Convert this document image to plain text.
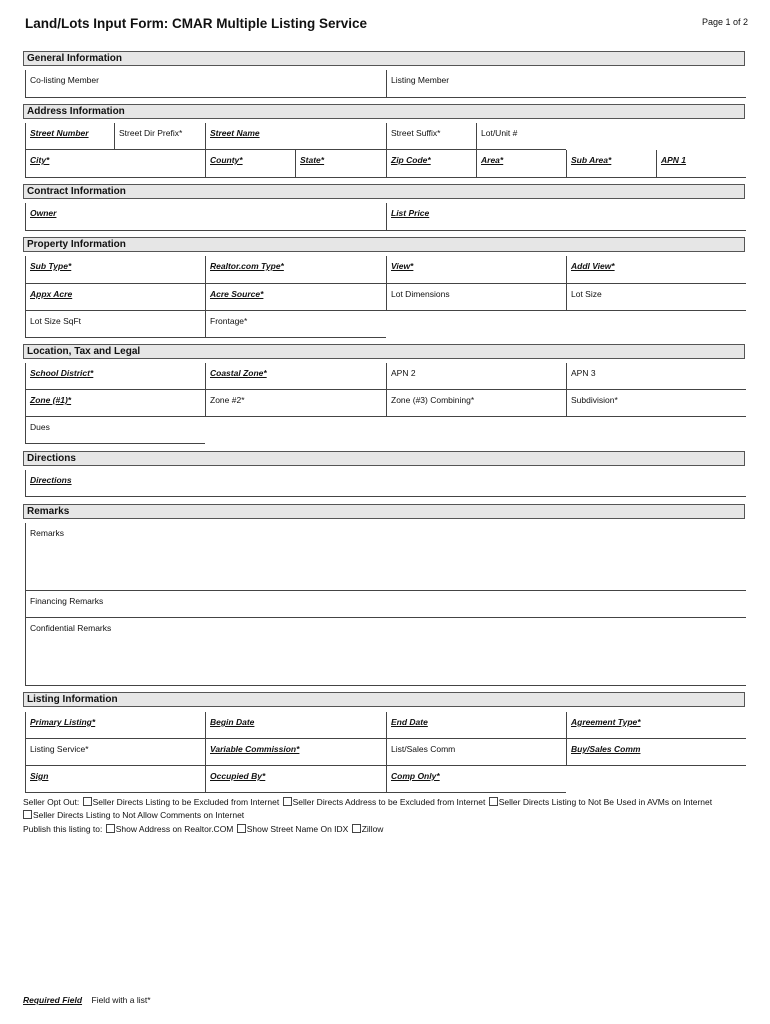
Land/Lots Input Form: CMAR Multiple Listing Service	Page 1 of 2
General Information
Co-listing Member	Listing Member
Address Information
Street Number	Street Dir Prefix*	Street Name	Street Suffix*	Lot/Unit #
City*	County*	State*	Zip Code*	Area*	Sub Area*	APN 1
Contract Information
Owner	List Price
Property Information
Sub Type*	Realtor.com Type*	View*	Addl View*
Appx Acre	Acre Source*	Lot Dimensions	Lot Size
Lot Size SqFt	Frontage*
Location, Tax and Legal
School District*	Coastal Zone*	APN 2	APN 3
Zone (#1)*	Zone #2*	Zone (#3) Combining*	Subdivision*
Dues
Directions
Directions
Remarks
Remarks
Financing Remarks
Confidential Remarks
Listing Information
Primary Listing*	Begin Date	End Date	Agreement Type*
Listing Service*	Variable Commission*	List/Sales Comm	Buy/Sales Comm
Sign	Occupied By*	Comp Only*
Seller Opt Out: Seller Directs Listing to be Excluded from Internet Seller Directs Address to be Excluded from Internet Seller Directs Listing to Not Be Used in AVMs on Internet
Seller Directs Listing to Not Allow Comments on Internet
Publish this listing to: Show Address on Realtor.COM Show Street Name On IDX Zillow
Required Field Field with a list*
